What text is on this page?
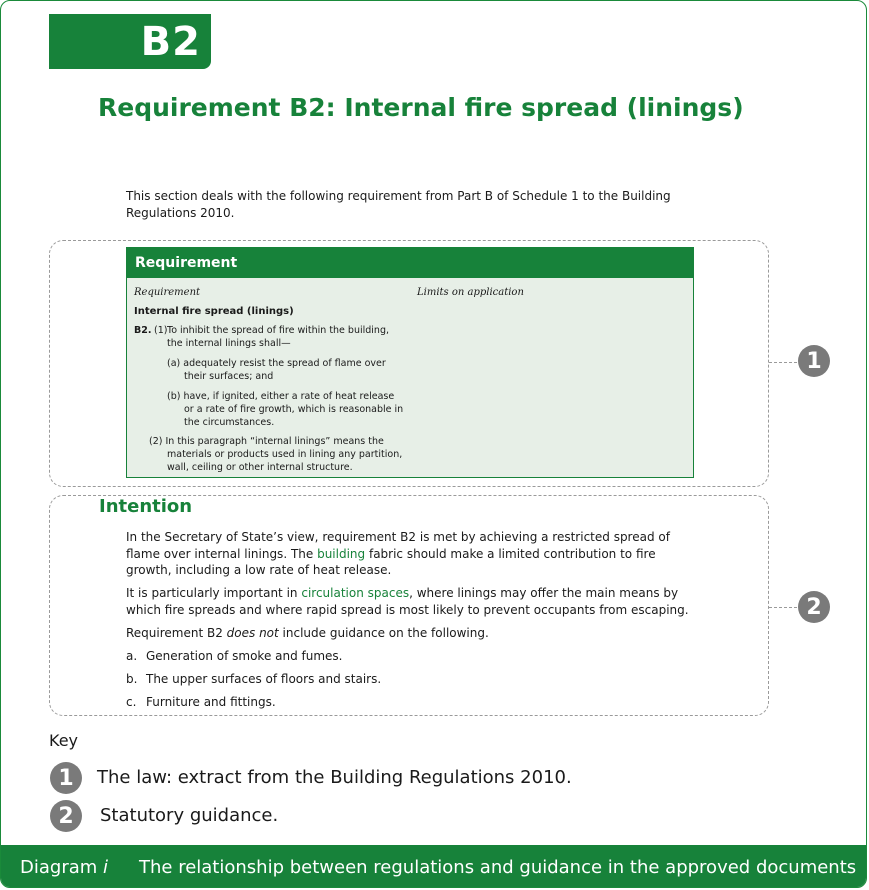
B2
Requirement B2: Internal fire spread (linings)

This section deals with the following requirement from Part B of Schedule 1 to the Building Regulations 2010.

1
Requirement
Requirement	Limits on application
Internal fire spread (linings)
B2. (1) To inhibit the spread of fire within the building,
the internal linings shall—
(a) adequately resist the spread of flame over
their surfaces; and
(b) have, if ignited, either a rate of heat release
or a rate of fire growth, which is reasonable in
the circumstances.
(2) In this paragraph “internal linings” means the
materials or products used in lining any partition,
wall, ceiling or other internal structure.
2
Intention

In the Secretary of State’s view, requirement B2 is met by achieving a restricted spread of flame over internal linings. The building fabric should make a limited contribution to fire growth, including a low rate of heat release.

It is particularly important in circulation spaces, where linings may offer the main means by which fire spreads and where rapid spread is most likely to prevent occupants from escaping.

Requirement B2 does not include guidance on the following.

a. Generation of smoke and fumes.
b. The upper surfaces of floors and stairs.
c. Furniture and fittings.
Key
1	The law: extract from the Building Regulations 2010.
2	Statutory guidance.
Diagram i The relationship between regulations and guidance in the approved documents
